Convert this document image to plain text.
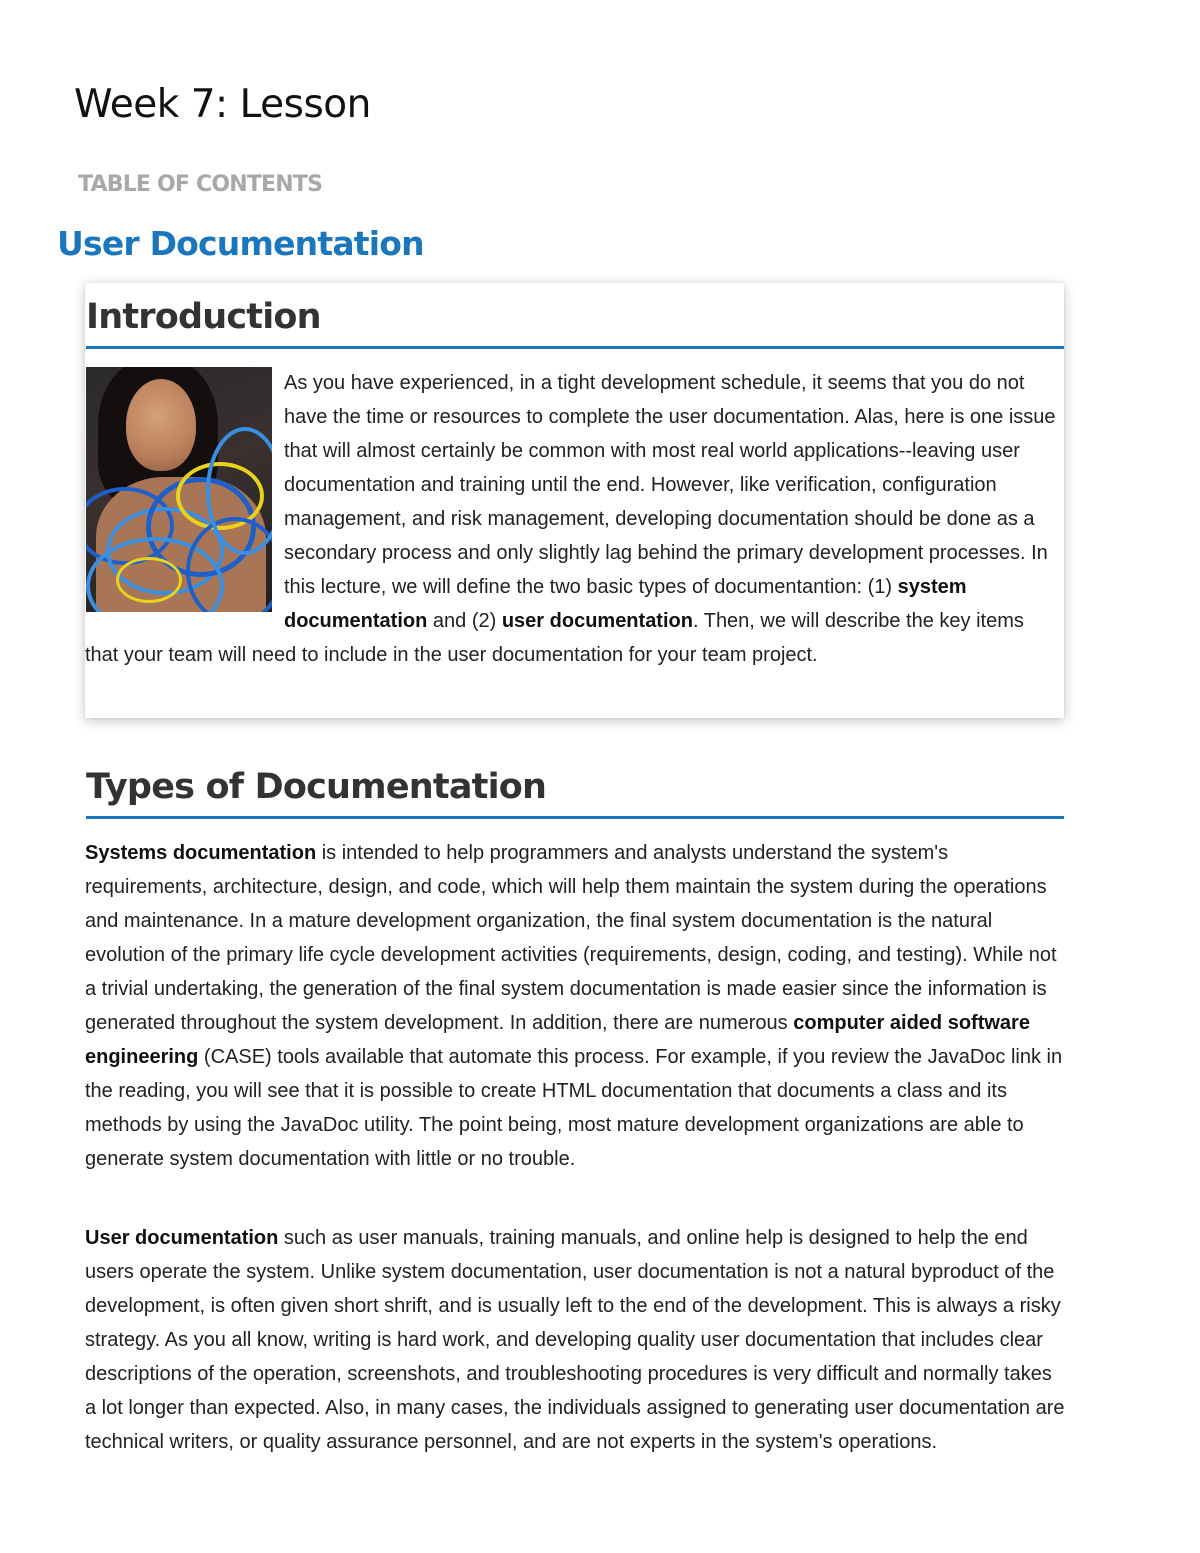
Week 7: Lesson
TABLE OF CONTENTS
User Documentation
Introduction

As you have experienced, in a tight development schedule, it seems that you do not have the time or resources to complete the user documentation. Alas, here is one issue that will almost certainly be common with most real world applications--leaving user documentation and training until the end. However, like verification, configuration management, and risk management, developing documentation should be done as a secondary process and only slightly lag behind the primary development processes. In this lecture, we will define the two basic types of documentantion: (1) system documentation and (2) user documentation. Then, we will describe the key items that your team will need to include in the user documentation for your team project.

Types of Documentation

Systems documentation is intended to help programmers and analysts understand the system's requirements, architecture, design, and code, which will help them maintain the system during the operations and maintenance. In a mature development organization, the final system documentation is the natural evolution of the primary life cycle development activities (requirements, design, coding, and testing). While not a trivial undertaking, the generation of the final system documentation is made easier since the information is generated throughout the system development. In addition, there are numerous computer aided software engineering (CASE) tools available that automate this process. For example, if you review the JavaDoc link in the reading, you will see that it is possible to create HTML documentation that documents a class and its methods by using the JavaDoc utility. The point being, most mature development organizations are able to generate system documentation with little or no trouble.

User documentation such as user manuals, training manuals, and online help is designed to help the end users operate the system. Unlike system documentation, user documentation is not a natural byproduct of the development, is often given short shrift, and is usually left to the end of the development. This is always a risky strategy. As you all know, writing is hard work, and developing quality user documentation that includes clear descriptions of the operation, screenshots, and troubleshooting procedures is very difficult and normally takes a lot longer than expected. Also, in many cases, the individuals assigned to generating user documentation are technical writers, or quality assurance personnel, and are not experts in the system's operations.
